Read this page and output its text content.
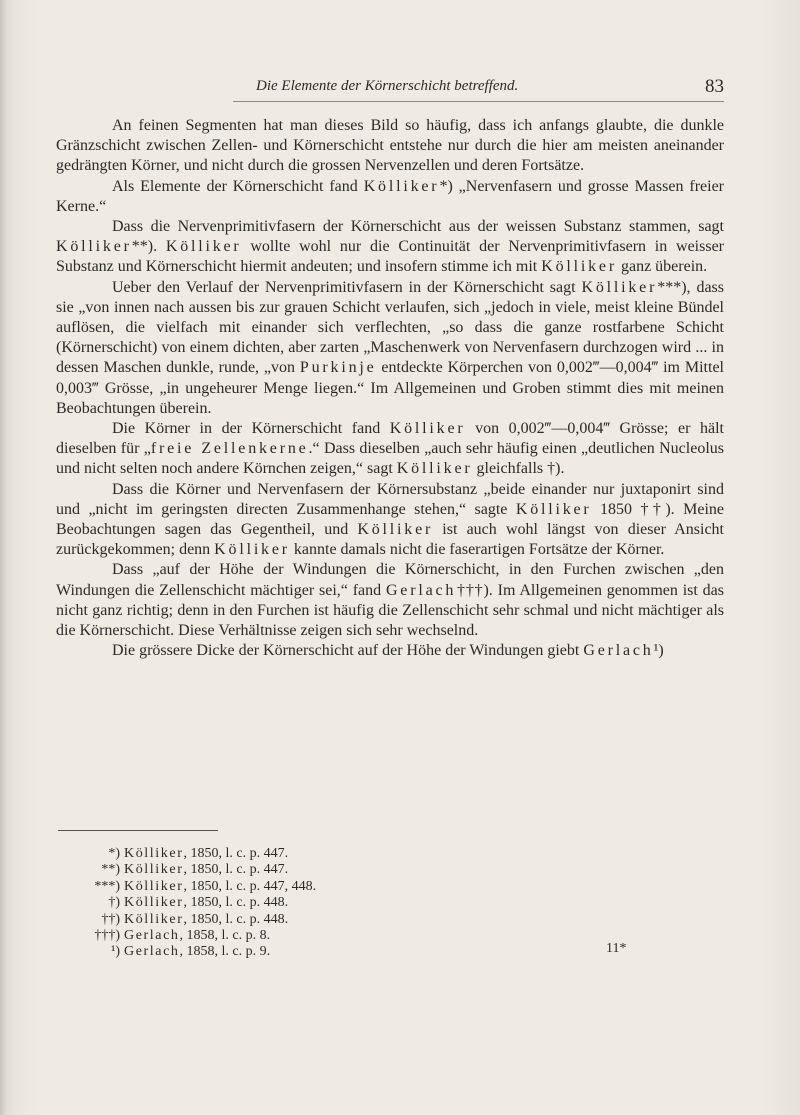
Die Elemente der Körnerschicht betreffend.	83

An feinen Segmenten hat man dieses Bild so häufig, dass ich anfangs glaubte, die dunkle Gränzschicht zwischen Zellen- und Körnerschicht entstehe nur durch die hier am meisten aneinander gedrängten Körner, und nicht durch die grossen Nervenzellen und deren Fortsätze.

Als Elemente der Körnerschicht fand Kölliker*) „Nervenfasern und grosse Massen freier Kerne.“

Dass die Nervenprimitivfasern der Körnerschicht aus der weissen Substanz stammen, sagt Kölliker**). Kölliker wollte wohl nur die Continuität der Nervenprimitivfasern in weisser Substanz und Körnerschicht hiermit andeuten; und insofern stimme ich mit Kölliker ganz überein.

Ueber den Verlauf der Nervenprimitivfasern in der Körnerschicht sagt Kölliker***), dass sie „von innen nach aussen bis zur grauen Schicht verlaufen, sich „jedoch in viele, meist kleine Bündel auflösen, die vielfach mit einander sich verflechten, „so dass die ganze rostfarbene Schicht (Körnerschicht) von einem dichten, aber zarten „Maschenwerk von Nervenfasern durchzogen wird ... in dessen Maschen dunkle, runde, „von Purkinje entdeckte Körperchen von 0,002‴—0,004‴ im Mittel 0,003‴ Grösse, „in ungeheurer Menge liegen.“ Im Allgemeinen und Groben stimmt dies mit meinen Beobachtungen überein.

Die Körner in der Körnerschicht fand Kölliker von 0,002‴—0,004‴ Grösse; er hält dieselben für „freie Zellenkerne.“ Dass dieselben „auch sehr häufig einen „deutlichen Nucleolus und nicht selten noch andere Körnchen zeigen,“ sagt Kölliker gleichfalls †).

Dass die Körner und Nervenfasern der Körnersubstanz „beide einander nur juxtaponirt sind und „nicht im geringsten directen Zusammenhange stehen,“ sagte Kölliker 1850 ††). Meine Beobachtungen sagen das Gegentheil, und Kölliker ist auch wohl längst von dieser Ansicht zurückgekommen; denn Kölliker kannte damals nicht die faserartigen Fortsätze der Körner.

Dass „auf der Höhe der Windungen die Körnerschicht, in den Furchen zwischen „den Windungen die Zellenschicht mächtiger sei,“ fand Gerlach†††). Im Allgemeinen genommen ist das nicht ganz richtig; denn in den Furchen ist häufig die Zellenschicht sehr schmal und nicht mächtiger als die Körnerschicht. Diese Verhältnisse zeigen sich sehr wechselnd.

Die grössere Dicke der Körnerschicht auf der Höhe der Windungen giebt Gerlach¹)

*) Kölliker, 1850, l. c. p. 447.
**) Kölliker, 1850, l. c. p. 447.
***) Kölliker, 1850, l. c. p. 447, 448.
†) Kölliker, 1850, l. c. p. 448.
††) Kölliker, 1850, l. c. p. 448.
†††) Gerlach, 1858, l. c. p. 8.
¹) Gerlach, 1858, l. c. p. 9.	11*
